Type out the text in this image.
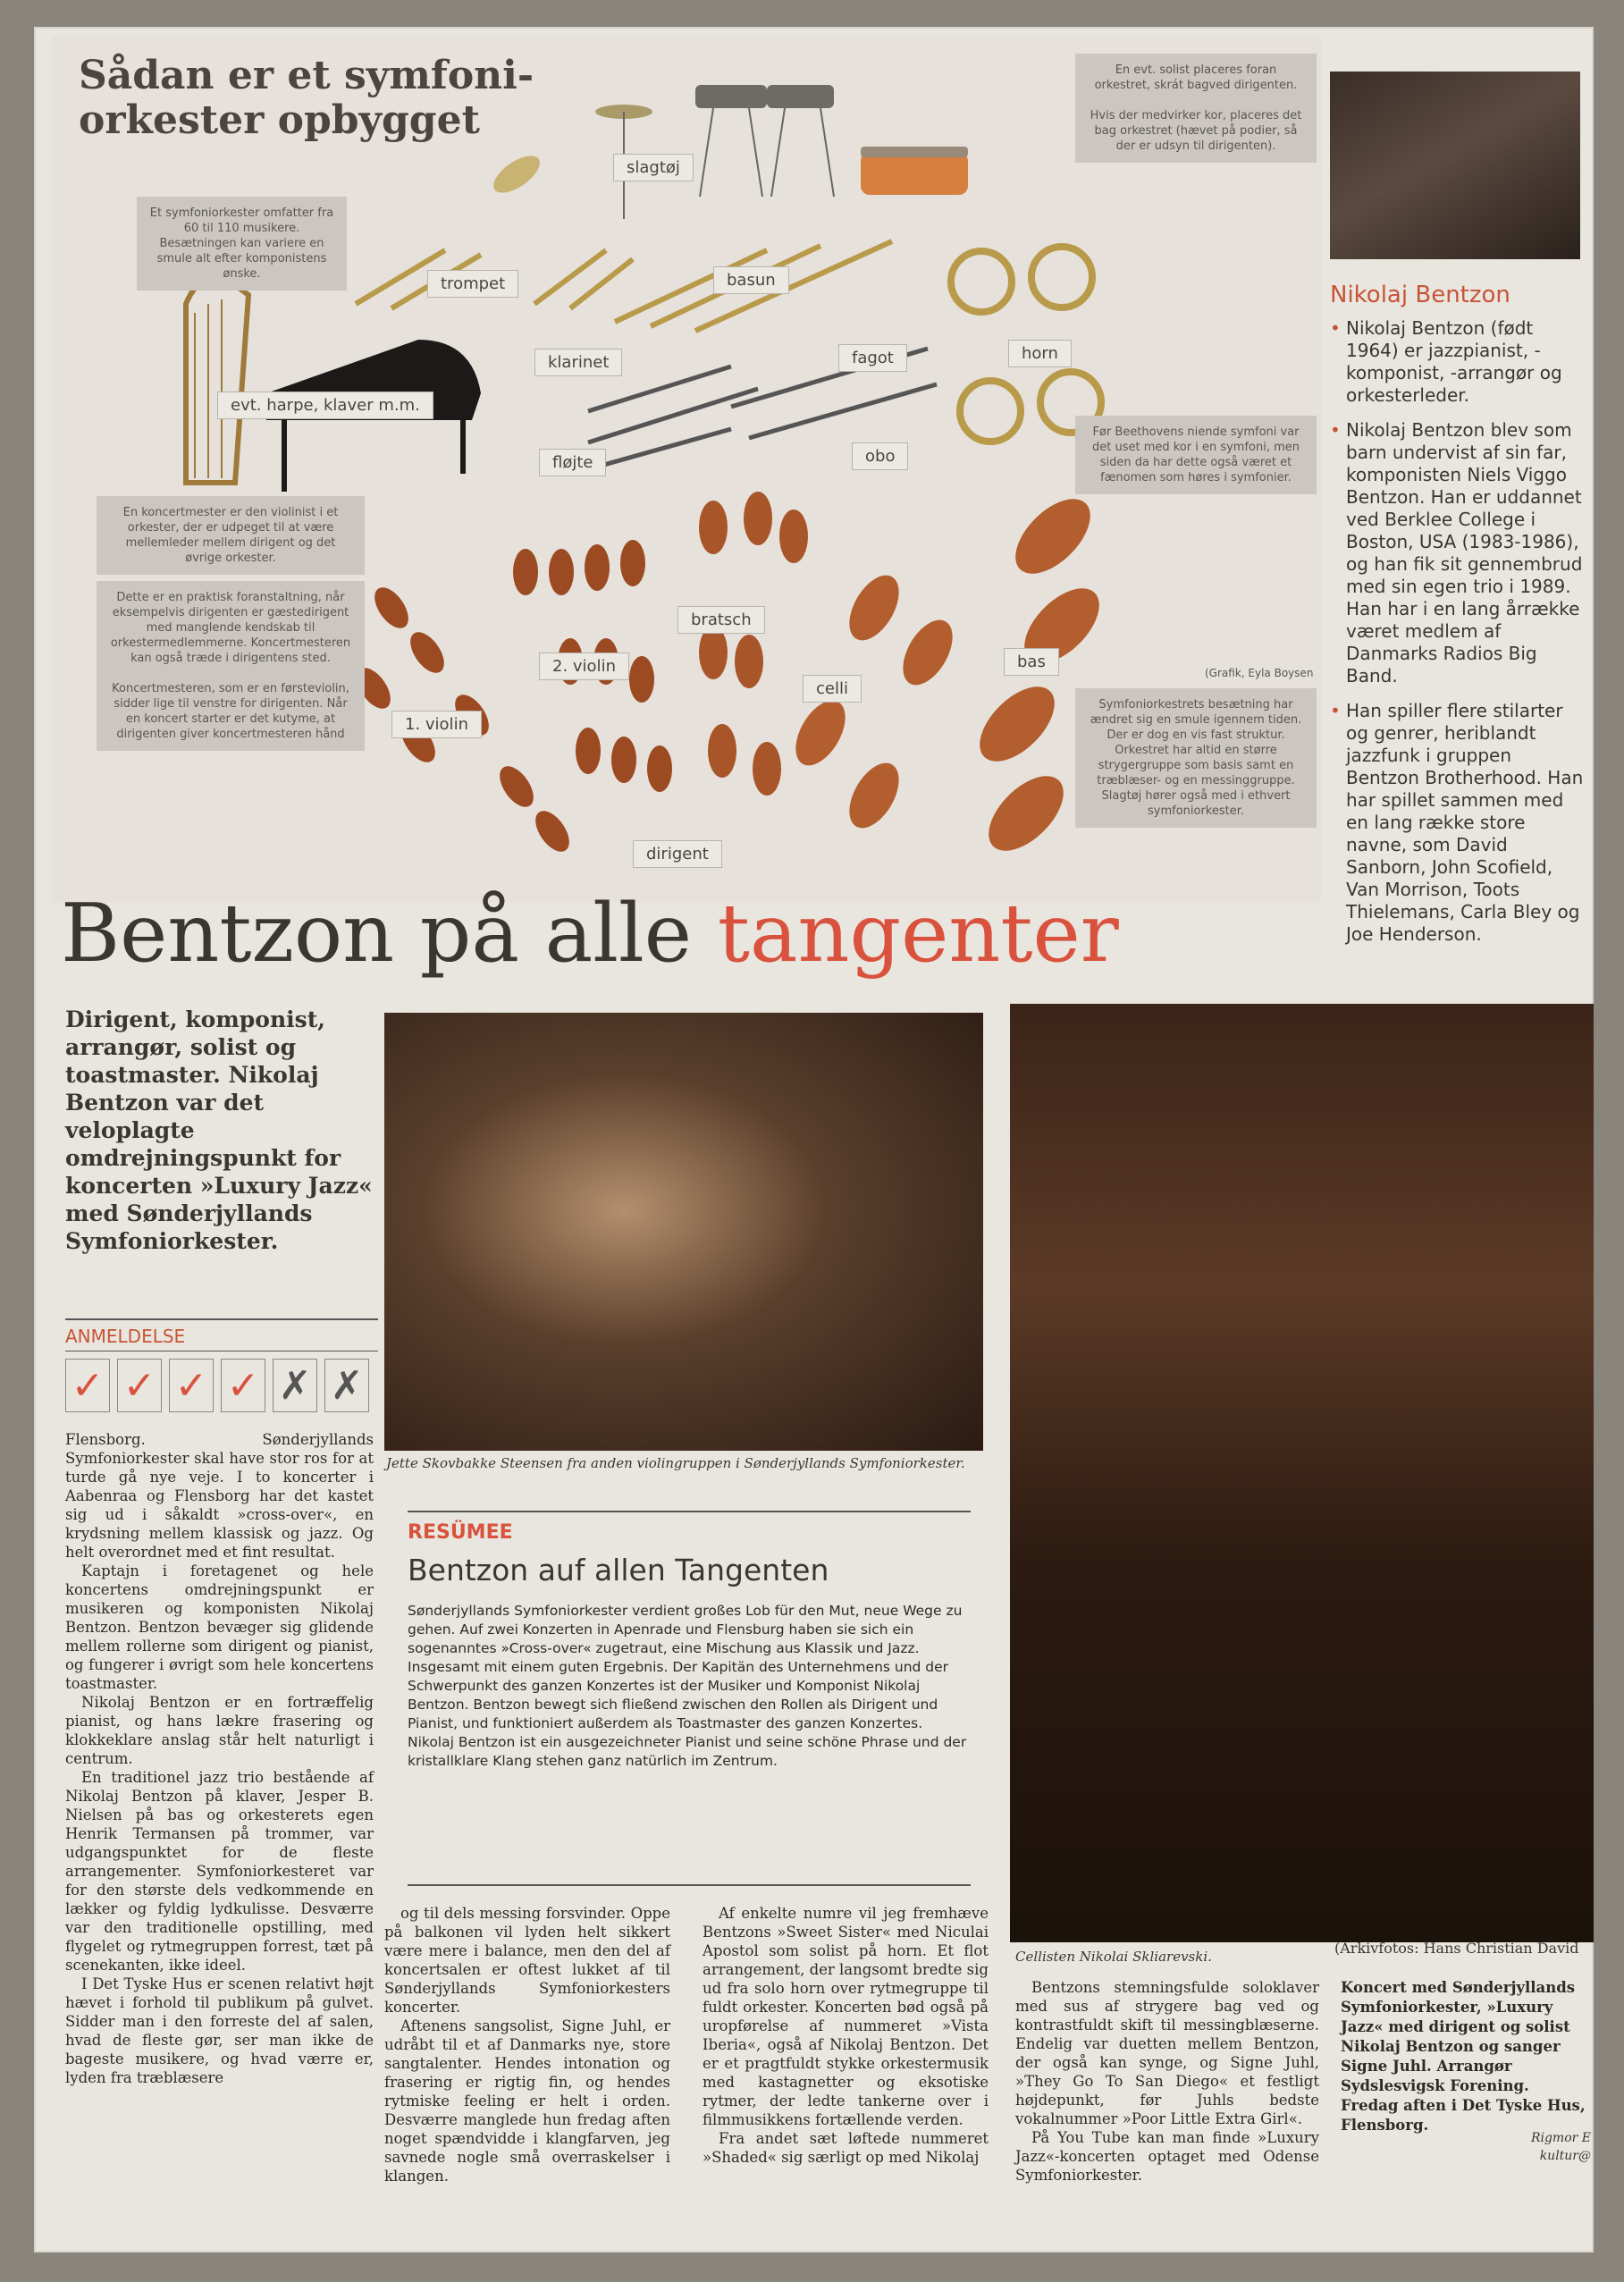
Sådan er et symfoni-
orkester opbygget
Et symfoniorkester omfatter fra 60 til 110 musikere. Besætningen kan variere en smule alt efter komponistens ønske.
En evt. solist placeres foran orkestret, skrát bagved dirigenten.

Hvis der medvirker kor, placeres det bag orkestret (hævet på podier, så der er udsyn til dirigenten).
Før Beethovens niende symfoni var det uset med kor i en symfoni, men siden da har dette også været et fænomen som høres i symfonier.
En koncertmester er den violinist i et orkester, der er udpeget til at være mellemleder mellem dirigent og det øvrige orkester.
Dette er en praktisk foranstaltning, når eksempelvis dirigenten er gæstedirigent med manglende kendskab til orkestermedlemmerne. Koncertmesteren kan også træde i dirigentens sted.

Koncertmesteren, som er en førsteviolin, sidder lige til venstre for dirigenten. Når en koncert starter er det kutyme, at dirigenten giver koncertmesteren hånd
Symfoniorkestrets besætning har ændret sig en smule igennem tiden. Der er dog en vis fast struktur. Orkestret har altid en større strygergruppe som basis samt en træblæser- og en messinggruppe. Slagtøj hører også med i ethvert symfoniorkester.
slagtøj
trompet	basun
evt. harpe, klaver m.m.
klarinet	fagot	horn
fløjte	obo
bratsch
2. violin
1. violin
celli
bas
dirigent
(Grafik, Eyla Boysen
Nikolaj Bentzon
• Nikolaj Bentzon (født 1964) er jazzpianist, -komponist, -arrangør og orkesterleder.
• Nikolaj Bentzon blev som barn undervist af sin far, komponisten Niels Viggo Bentzon. Han er uddannet ved Berklee College i Boston, USA (1983-1986), og han fik sit gennembrud med sin egen trio i 1989. Han har i en lang årrække været medlem af Danmarks Radios Big Band.
• Han spiller flere stilarter og genrer, heriblandt jazzfunk i gruppen Bentzon Brotherhood. Han har spillet sammen med en lang række store navne, som David Sanborn, John Scofield, Van Morrison, Toots Thielemans, Carla Bley og Joe Henderson.
Bentzon på alle tangenter
Dirigent, komponist, arrangør, solist og toastmaster. Nikolaj Bentzon var det veloplagte omdrejningspunkt for koncerten »Luxury Jazz« med Sønderjyllands Symfoniorkester.
ANMELDELSE
✓ ✓ ✓ ✓ ✗ ✗

Flensborg. Sønderjyllands Symfoniorkester skal have stor ros for at turde gå nye veje. I to koncerter i Aabenraa og Flensborg har det kastet sig ud i såkaldt »cross-over«, en krydsning mellem klassisk og jazz. Og helt overordnet med et fint resultat.

Kaptajn i foretagenet og hele koncertens omdrejningspunkt er musikeren og komponisten Nikolaj Bentzon. Bentzon bevæger sig glidende mellem rollerne som dirigent og pianist, og fungerer i øvrigt som hele koncertens toastmaster.

Nikolaj Bentzon er en fortræffelig pianist, og hans lækre frasering og klokkeklare anslag står helt naturligt i centrum.

En traditionel jazz trio bestående af Nikolaj Bentzon på klaver, Jesper B. Nielsen på bas og orkesterets egen Henrik Termansen på trommer, var udgangspunktet for de fleste arrangementer. Symfoniorkesteret var for den største dels vedkommende en lækker og fyldig lydkulisse. Desværre var den traditionelle opstilling, med flygelet og rytmegruppen forrest, tæt på scenekanten, ikke ideel.

I Det Tyske Hus er scenen relativt højt hævet i forhold til publikum på gulvet. Sidder man i den forreste del af salen, hvad de fleste gør, ser man ikke de bageste musikere, og hvad værre er, lyden fra træblæsere

og til dels messing forsvinder. Oppe på balkonen vil lyden helt sikkert være mere i balance, men den del af koncertsalen er oftest lukket af til Sønderjyllands Symfoniorkesters koncerter.

Aftenens sangsolist, Signe Juhl, er udråbt til et af Danmarks nye, store sangtalenter. Hendes intonation og frasering er rigtig fin, og hendes rytmiske feeling er helt i orden. Desværre manglede hun fredag aften noget spændvidde i klangfarven, jeg savnede nogle små overraskelser i klangen.

Af enkelte numre vil jeg fremhæve Bentzons »Sweet Sister« med Niculai Apostol som solist på horn. Et flot arrangement, der langsomt bredte sig ud fra solo horn over rytmegruppe til fuldt orkester. Koncerten bød også på uropførelse af nummeret »Vista Iberia«, også af Nikolaj Bentzon. Det er et pragtfuldt stykke orkestermusik med kastagnetter og eksotiske rytmer, der ledte tankerne over i filmmusikkens fortællende verden.

Fra andet sæt løftede nummeret »Shaded« sig særligt op med Nikolaj

Bentzons stemningsfulde soloklaver med sus af strygere bag ved og kontrastfuldt skift til messingblæserne. Endelig var duetten mellem Bentzon, der også kan synge, og Signe Juhl, »They Go To San Diego« et festligt højdepunkt, før Juhls bedste vokalnummer »Poor Little Extra Girl«.

På You Tube kan man finde »Luxury Jazz«-koncerten optaget med Odense Symfoniorkester.

Jette Skovbakke Steensen fra anden violingruppen i Sønderjyllands Symfoniorkester.
Cellisten Nikolai Skliarevski.	(Arkivfotos: Hans Christian David
RESÜMEE
Bentzon auf allen Tangenten
Sønderjyllands Symfoniorkester verdient großes Lob für den Mut, neue Wege zu gehen. Auf zwei Konzerten in Apenrade und Flensburg haben sie sich ein sogenanntes »Cross-over« zugetraut, eine Mischung aus Klassik und Jazz. Insgesamt mit einem guten Ergebnis. Der Kapitän des Unternehmens und der Schwerpunkt des ganzen Konzertes ist der Musiker und Komponist Nikolaj Bentzon. Bentzon bewegt sich fließend zwischen den Rollen als Dirigent und Pianist, und funktioniert außerdem als Toastmaster des ganzen Konzertes. Nikolaj Bentzon ist ein ausgezeichneter Pianist und seine schöne Phrase und der kristallklare Klang stehen ganz natürlich im Zentrum.
Koncert med Sønderjyllands Symfoniorkester, »Luxury Jazz« med dirigent og solist Nikolaj Bentzon og sanger Signe Juhl. Arrangør Sydslesvigsk Forening. Fredag aften i Det Tyske Hus, Flensborg.
Rigmor E
kultur@
